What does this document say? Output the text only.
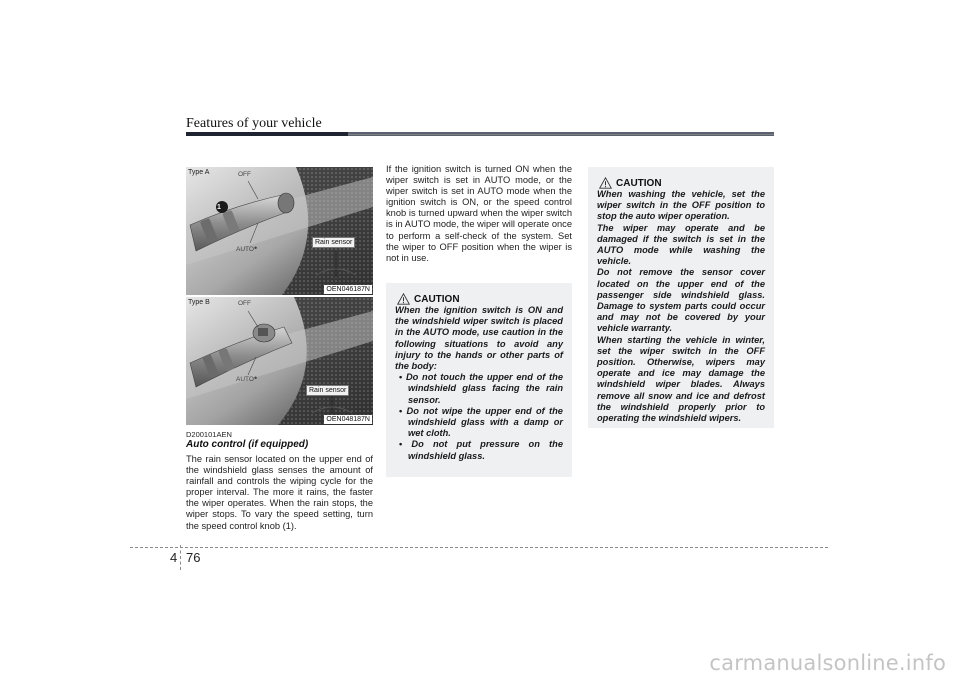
Features of your vehicle
Type A	OFF
1
AUTO•
Rain sensor
OEN046187N
Type B	OFF
AUTO•
Rain sensor
OEN048187N
D200101AEN
Auto control (if equipped)
The rain sensor located on the upper end of the windshield glass senses the amount of rainfall and controls the wiping cycle for the proper interval. The more it rains, the faster the wiper operates. When the rain stops, the wiper stops. To vary the speed setting, turn the speed control knob (1).
If the ignition switch is turned ON when the wiper switch is set in AUTO mode, or the wiper switch is set in AUTO mode when the ignition switch is ON, or the speed control knob is turned upward when the wiper switch is in AUTO mode, the wiper will operate once to perform a self-check of the system. Set the wiper to OFF position when the wiper is not in use.
CAUTION

When the ignition switch is ON and the windshield wiper switch is placed in the AUTO mode, use caution in the following situations to avoid any injury to the hands or other parts of the body:

• Do not touch the upper end of the windshield glass facing the rain sensor.
• Do not wipe the upper end of the windshield glass with a damp or wet cloth.
• Do not put pressure on the windshield glass.
CAUTION

When washing the vehicle, set the wiper switch in the OFF position to stop the auto wiper operation.

The wiper may operate and be damaged if the switch is set in the AUTO mode while washing the vehicle.

Do not remove the sensor cover located on the upper end of the passenger side windshield glass. Damage to system parts could occur and may not be covered by your vehicle warranty.

When starting the vehicle in winter, set the wiper switch in the OFF position. Otherwise, wipers may operate and ice may damage the windshield wiper blades. Always remove all snow and ice and defrost the windshield properly prior to operating the windshield wipers.

4 76
carmanualsonline.info
